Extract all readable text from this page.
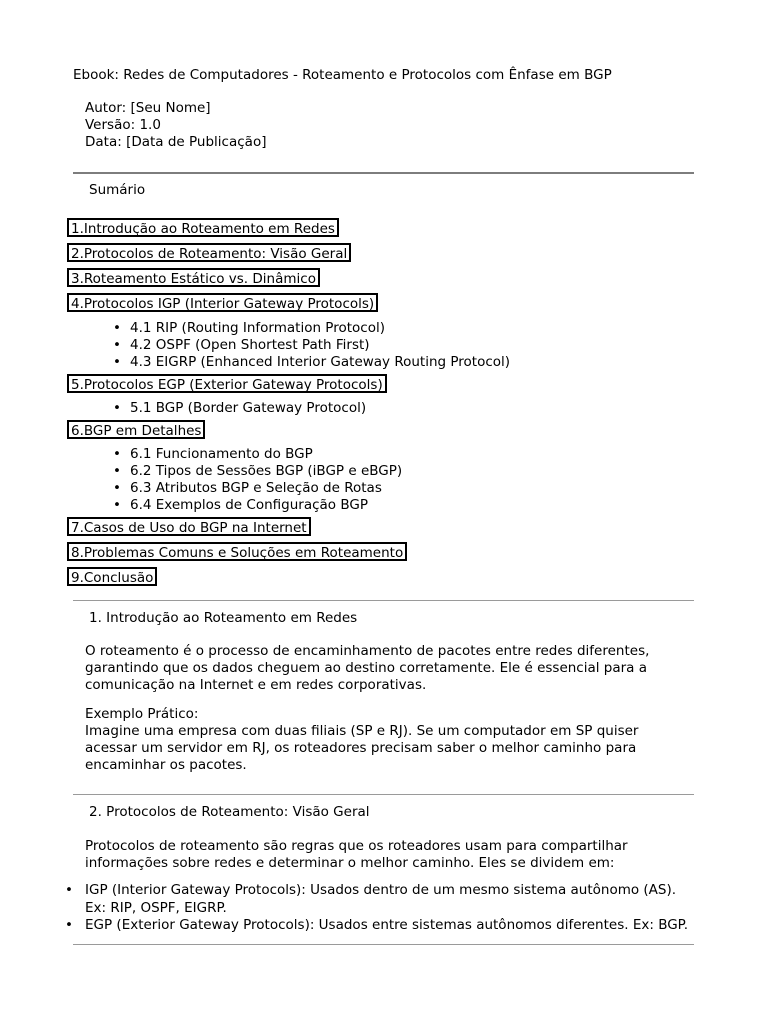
Ebook: Redes de Computadores - Roteamento e Protocolos com Ênfase em BGP
Autor: [Seu Nome]
Versão: 1.0
Data: [Data de Publicação]
Sumário
1.Introdução ao Roteamento em Redes
2.Protocolos de Roteamento: Visão Geral
3.Roteamento Estático vs. Dinâmico
4.Protocolos IGP (Interior Gateway Protocols)
• 4.1 RIP (Routing Information Protocol)
• 4.2 OSPF (Open Shortest Path First)
• 4.3 EIGRP (Enhanced Interior Gateway Routing Protocol)
5.Protocolos EGP (Exterior Gateway Protocols)
• 5.1 BGP (Border Gateway Protocol)
6.BGP em Detalhes
• 6.1 Funcionamento do BGP
• 6.2 Tipos de Sessões BGP (iBGP e eBGP)
• 6.3 Atributos BGP e Seleção de Rotas
• 6.4 Exemplos de Configuração BGP
7.Casos de Uso do BGP na Internet
8.Problemas Comuns e Soluções em Roteamento
9.Conclusão
1. Introdução ao Roteamento em Redes
O roteamento é o processo de encaminhamento de pacotes entre redes diferentes,
garantindo que os dados cheguem ao destino corretamente. Ele é essencial para a
comunicação na Internet e em redes corporativas.
Exemplo Prático:
Imagine uma empresa com duas filiais (SP e RJ). Se um computador em SP quiser
acessar um servidor em RJ, os roteadores precisam saber o melhor caminho para
encaminhar os pacotes.
2. Protocolos de Roteamento: Visão Geral
Protocolos de roteamento são regras que os roteadores usam para compartilhar
informações sobre redes e determinar o melhor caminho. Eles se dividem em:
• IGP (Interior Gateway Protocols): Usados dentro de um mesmo sistema autônomo (AS).
Ex: RIP, OSPF, EIGRP.
• EGP (Exterior Gateway Protocols): Usados entre sistemas autônomos diferentes. Ex: BGP.
